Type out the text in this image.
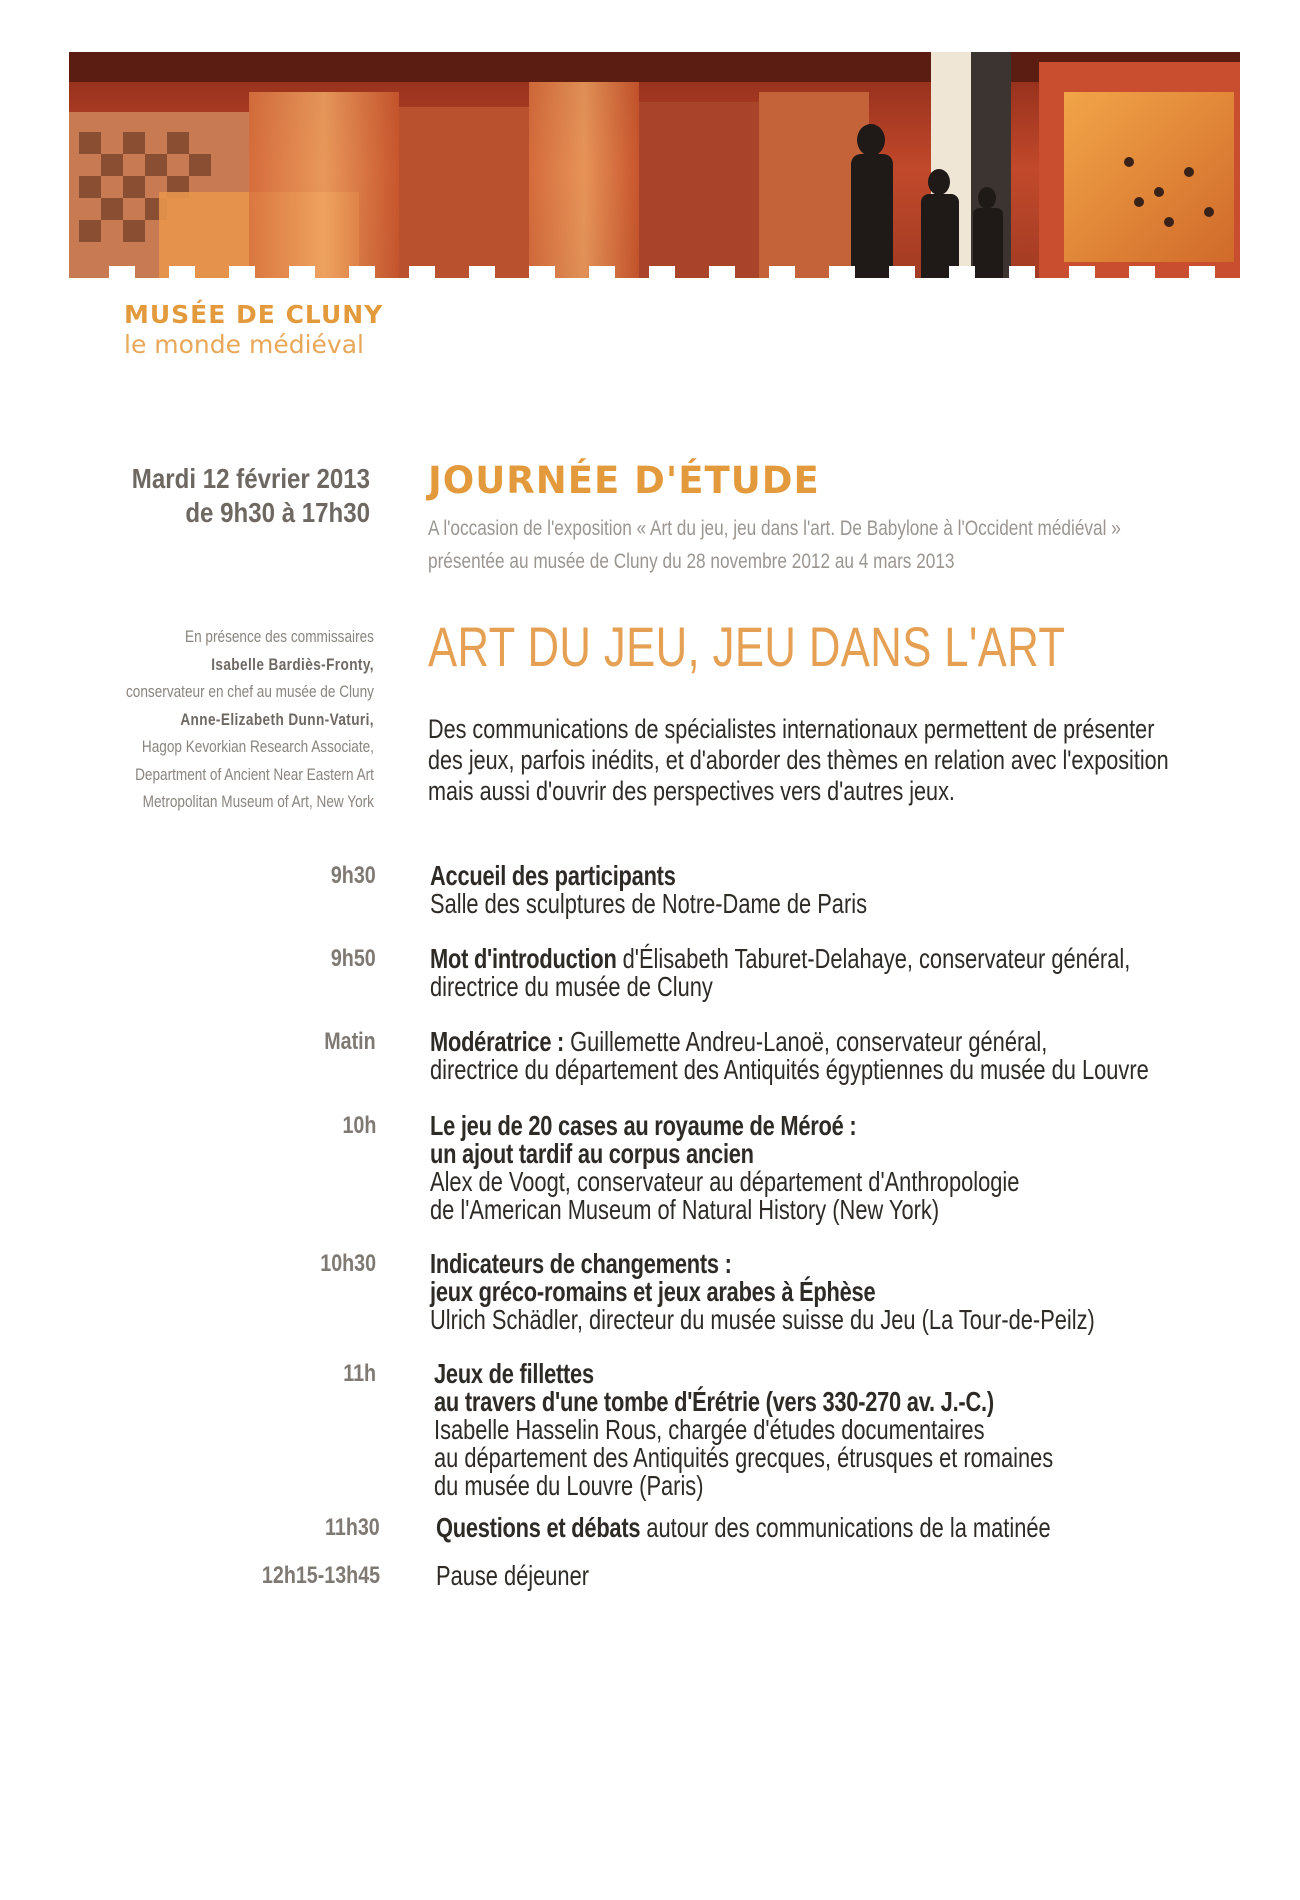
MUSÉE DE CLUNY
le monde médiéval
Mardi 12 février 2013
de 9h30 à 17h30
JOURNÉE D'ÉTUDE
A l'occasion de l'exposition « Art du jeu, jeu dans l'art. De Babylone à l'Occident médiéval »
présentée au musée de Cluny du 28 novembre 2012 au 4 mars 2013
En présence des commissaires
Isabelle Bardiès-Fronty,
conservateur en chef au musée de Cluny
Anne-Elizabeth Dunn-Vaturi,
Hagop Kevorkian Research Associate,
Department of Ancient Near Eastern Art
Metropolitan Museum of Art, New York
ART DU JEU, JEU DANS L'ART
Des communications de spécialistes internationaux permettent de présenter
des jeux, parfois inédits, et d'aborder des thèmes en relation avec l'exposition
mais aussi d'ouvrir des perspectives vers d'autres jeux.
9h30 Accueil des participants
Salle des sculptures de Notre-Dame de Paris
9h50 Mot d'introduction d'Élisabeth Taburet-Delahaye, conservateur général,
directrice du musée de Cluny
Matin Modératrice : Guillemette Andreu-Lanoë, conservateur général,
directrice du département des Antiquités égyptiennes du musée du Louvre
10h Le jeu de 20 cases au royaume de Méroé :
un ajout tardif au corpus ancien
Alex de Voogt, conservateur au département d'Anthropologie
de l'American Museum of Natural History (New York)
10h30 Indicateurs de changements :
jeux gréco-romains et jeux arabes à Éphèse
Ulrich Schädler, directeur du musée suisse du Jeu (La Tour-de-Peilz)
11h Jeux de fillettes
au travers d'une tombe d'Érétrie (vers 330-270 av. J.-C.)
Isabelle Hasselin Rous, chargée d'études documentaires
au département des Antiquités grecques, étrusques et romaines
du musée du Louvre (Paris)
11h30 Questions et débats autour des communications de la matinée
12h15-13h45 Pause déjeuner
